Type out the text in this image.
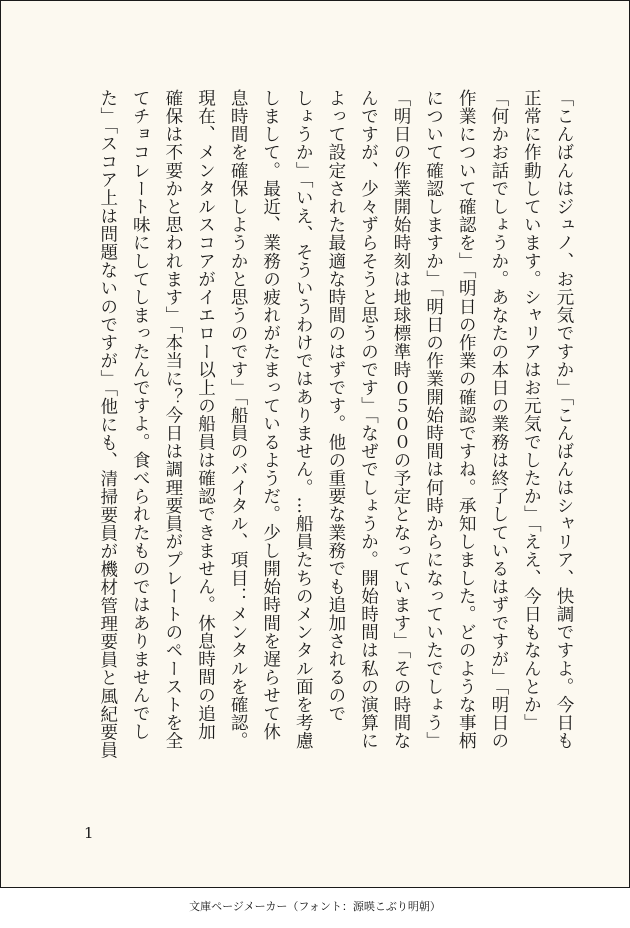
「こんばんはジュノ、お元気ですか」「こんばんはシャリア、快調ですよ。今日も
正常に作動しています。シャリアはお元気でしたか」「ええ、今日もなんとか」
「何かお話でしょうか。あなたの本日の業務は終了しているはずですが」「明日の
作業について確認を」「明日の作業の確認ですね。承知しました。どのような事柄
について確認しますか」「明日の作業開始時間は何時からになっていたでしょう」
「明日の作業開始時刻は地球標準時０５００の予定となっています」「その時間な
んですが、少々ずらそうと思うのです」「なぜでしょうか。開始時間は私の演算に
よって設定された最適な時間のはずです。他の重要な業務でも追加されるので
しょうか」「いえ、そういうわけではありません。…船員たちのメンタル面を考慮
しまして。最近、業務の疲れがたまっているようだ。少し開始時間を遅らせて休
息時間を確保しようかと思うのです」「船員のバイタル、項目：メンタルを確認。
現在、メンタルスコアがイエロー以上の船員は確認できません。休息時間の追加
確保は不要かと思われます」「本当に？今日は調理要員がプレートのペーストを全
てチョコレート味にしてしまったんですよ。食べられたものではありませんでし
た」「スコア上は問題ないのですが」「他にも、清掃要員が機材管理要員と風紀要員
1
文庫ページメーカー（フォント：源暎こぶり明朝）
